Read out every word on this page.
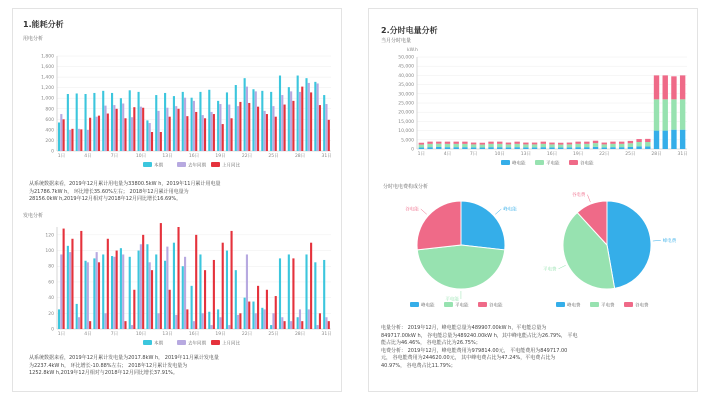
1.能耗分析
用电分析
0
200
400
600
800
1,000
1,200
1,400
1,600
1,800
1日	4日	7日	10日	13日	16日	19日	22日	25日	28日	31日
本期	去年同期	上月同比
从系统数据来看，2019年12月累计用电量为33800.5kW h，2019年11月累计用电量
为21786.7kW h， 环比增长35.60%左右； 2018年12月累计用电量为
28156.0kW h,2019年12月相对与2018年12月同比增长16.69%。
发电分析
0
20
40
60
80
100
120
1日	4日	7日	10日	13日	16日	19日	22日	25日	28日	31日
本期	去年同期	上月同比
从系统数据来看，2019年12月累计发电量为2017.8kW h， 2019年11月累计发电量
为2237.4kW h， 环比增长-10.88%左右； 2018年12月累计发电量为
1252.8kW h,2019年12月相对与2018年12月同比增长37.91%。
2.分时电量分析
当月分时电量
0
5,000
10,000
15,000
20,000
25,000
30,000
35,000
40,000
45,000
50,000
kW.h
1日	4日	7日	10日	13日	16日	19日	22日	25日	28日	31日
峰电能	平电能	谷电能
分时电电费构成分析
峰电能
平电能
谷电能
峰电费
平电费
谷电费
峰电能	平电能	谷电能	峰电费	平电费	谷电费
电量分析： 2019年12月，峰电能总量为489907.00kW h，平电能总量为
849717.00kW h， 谷电能总量为489240.00kW h，其中峰电能占比为26.79%， 平电
能占比为46.46%， 谷电能占比为26.75%；
电费分析： 2019年12月，峰电能费用为979814.00元， 平电能费用为849717.00
元， 谷电能费用为244620.00元， 其中峰电费占比为47.24%，平电费占比为
40.97%， 谷电费占比11.79%；
